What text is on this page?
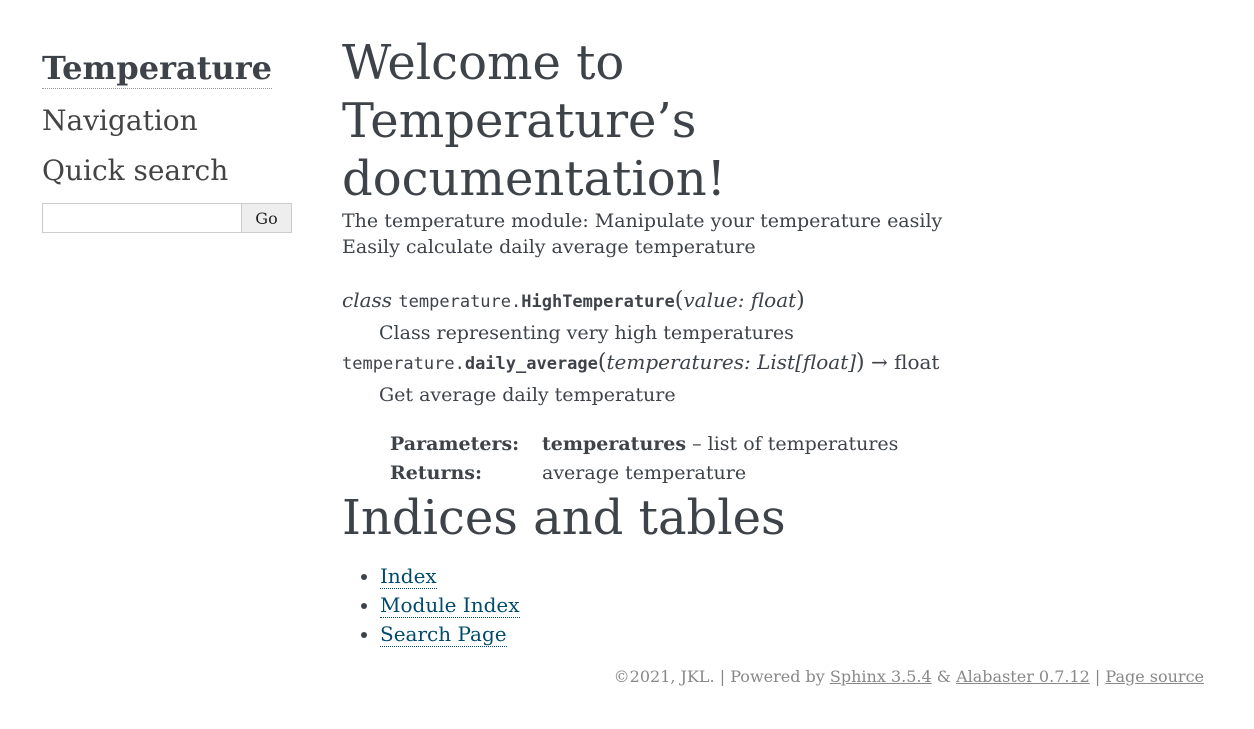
Temperature
Navigation
Quick search
Go
Welcome to Temperature’s documentation!

The temperature module: Manipulate your temperature easily

Easily calculate daily average temperature

class temperature.HighTemperature(value: float)
Class representing very high temperatures
temperature.daily_average(temperatures: List[float]) → float
Get average daily temperature
Parameters:	temperatures – list of temperatures
Returns:	average temperature
Indices and tables
• Index
• Module Index
• Search Page
©2021, JKL. | Powered by Sphinx 3.5.4 & Alabaster 0.7.12 | Page source
